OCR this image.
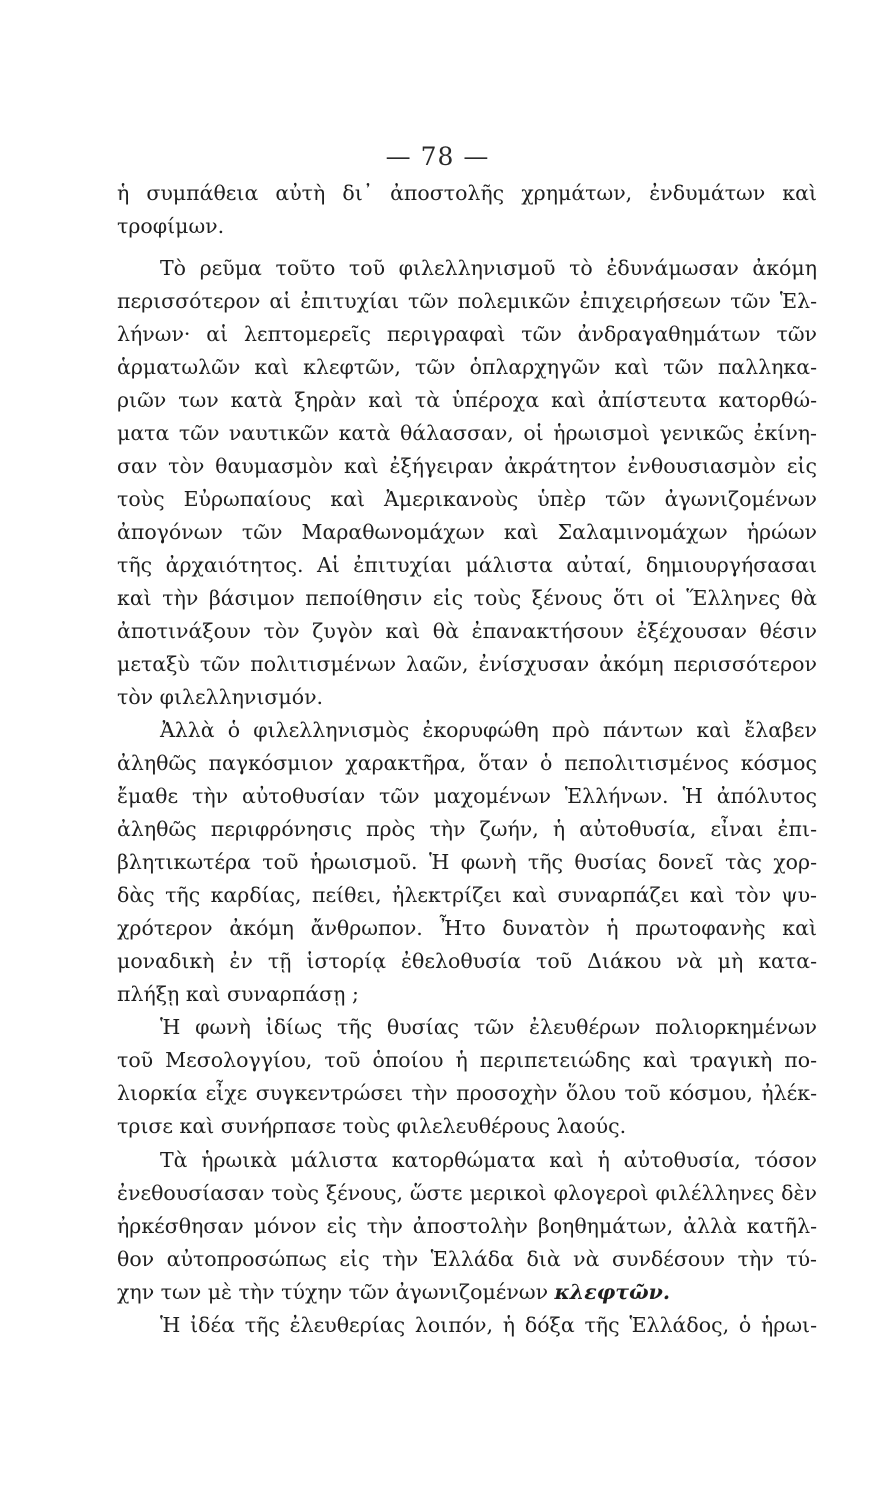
— 78 —
ἡ συμπάθεια αὐτὴ δι᾽ ἀποστολῆς χρημάτων, ἐνδυμάτων καὶ
τροφίμων.
Τὸ ρεῦμα τοῦτο τοῦ φιλελληνισμοῦ τὸ ἐδυνάμωσαν ἀκόμη
περισσότερον αἱ ἐπιτυχίαι τῶν πολεμικῶν ἐπιχειρήσεων τῶν Ἑλ-
λήνων· αἱ λεπτομερεῖς περιγραφαὶ τῶν ἀνδραγαθημάτων τῶν
ἁρματωλῶν καὶ κλεφτῶν, τῶν ὁπλαρχηγῶν καὶ τῶν παλληκα-
ριῶν των κατὰ ξηρὰν καὶ τὰ ὑπέροχα καὶ ἀπίστευτα κατορθώ-
ματα τῶν ναυτικῶν κατὰ θάλασσαν, οἱ ἡρωισμοὶ γενικῶς ἐκίνη-
σαν τὸν θαυμασμὸν καὶ ἐξήγειραν ἀκράτητον ἐνθουσιασμὸν εἰς
τοὺς Εὐρωπαίους καὶ Ἀμερικανοὺς ὑπὲρ τῶν ἀγωνιζομένων
ἀπογόνων τῶν Μαραθωνομάχων καὶ Σαλαμινομάχων ἡρώων
τῆς ἀρχαιότητος. Αἱ ἐπιτυχίαι μάλιστα αὐταί, δημιουργήσασαι
καὶ τὴν βάσιμον πεποίθησιν εἰς τοὺς ξένους ὅτι οἱ Ἕλληνες θὰ
ἀποτινάξουν τὸν ζυγὸν καὶ θὰ ἐπανακτήσουν ἐξέχουσαν θέσιν
μεταξὺ τῶν πολιτισμένων λαῶν, ἐνίσχυσαν ἀκόμη περισσότερον
τὸν φιλελληνισμόν.
Ἀλλὰ ὁ φιλελληνισμὸς ἐκορυφώθη πρὸ πάντων καὶ ἔλαβεν
ἀληθῶς παγκόσμιον χαρακτῆρα, ὅταν ὁ πεπολιτισμένος κόσμος
ἔμαθε τὴν αὐτοθυσίαν τῶν μαχομένων Ἑλλήνων. Ἡ ἀπόλυτος
ἀληθῶς περιφρόνησις πρὸς τὴν ζωήν, ἡ αὐτοθυσία, εἶναι ἐπι-
βλητικωτέρα τοῦ ἡρωισμοῦ. Ἡ φωνὴ τῆς θυσίας δονεῖ τὰς χορ-
δὰς τῆς καρδίας, πείθει, ἠλεκτρίζει καὶ συναρπάζει καὶ τὸν ψυ-
χρότερον ἀκόμη ἄνθρωπον. Ἦτο δυνατὸν ἡ πρωτοφανὴς καὶ
μοναδικὴ ἐν τῇ ἱστορίᾳ ἐθελοθυσία τοῦ Διάκου νὰ μὴ κατα-
πλήξῃ καὶ συναρπάσῃ ;
Ἡ φωνὴ ἰδίως τῆς θυσίας τῶν ἐλευθέρων πολιορκημένων
τοῦ Μεσολογγίου, τοῦ ὁποίου ἡ περιπετειώδης καὶ τραγικὴ πο-
λιορκία εἶχε συγκεντρώσει τὴν προσοχὴν ὅλου τοῦ κόσμου, ἠλέκ-
τρισε καὶ συνήρπασε τοὺς φιλελευθέρους λαούς.
Τὰ ἡρωικὰ μάλιστα κατορθώματα καὶ ἡ αὐτοθυσία, τόσον
ἐνεθουσίασαν τοὺς ξένους, ὥστε μερικοὶ φλογεροὶ φιλέλληνες δὲν
ἠρκέσθησαν μόνον εἰς τὴν ἀποστολὴν βοηθημάτων, ἀλλὰ κατῆλ-
θον αὐτοπροσώπως εἰς τὴν Ἑλλάδα διὰ νὰ συνδέσουν τὴν τύ-
χην των μὲ τὴν τύχην τῶν ἀγωνιζομένων κλεφτῶν.
Ἡ ἰδέα τῆς ἐλευθερίας λοιπόν, ἡ δόξα τῆς Ἑλλάδος, ὁ ἡρωι-
